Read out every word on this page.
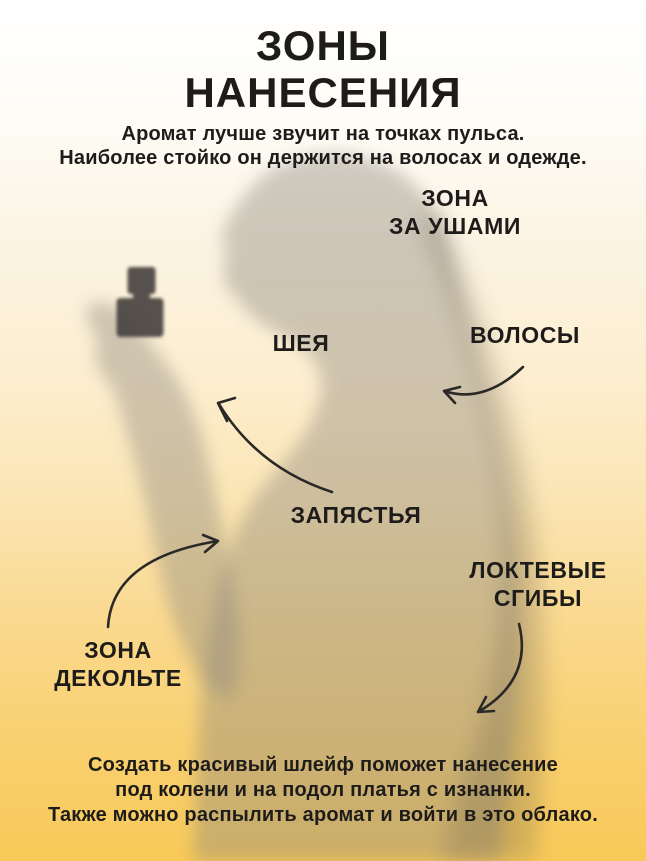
ЗОНЫ
НАНЕСЕНИЯ
Аромат лучше звучит на точках пульса.
Наиболее стойко он держится на волосах и одежде.
ЗОНА
ЗА УШАМИ
ШЕЯ	ВОЛОСЫ
ЗАПЯСТЬЯ
ЛОКТЕВЫЕ
СГИБЫ
ЗОНА
ДЕКОЛЬТЕ
Создать красивый шлейф поможет нанесение
под колени и на подол платья с изнанки.
Также можно распылить аромат и войти в это облако.
